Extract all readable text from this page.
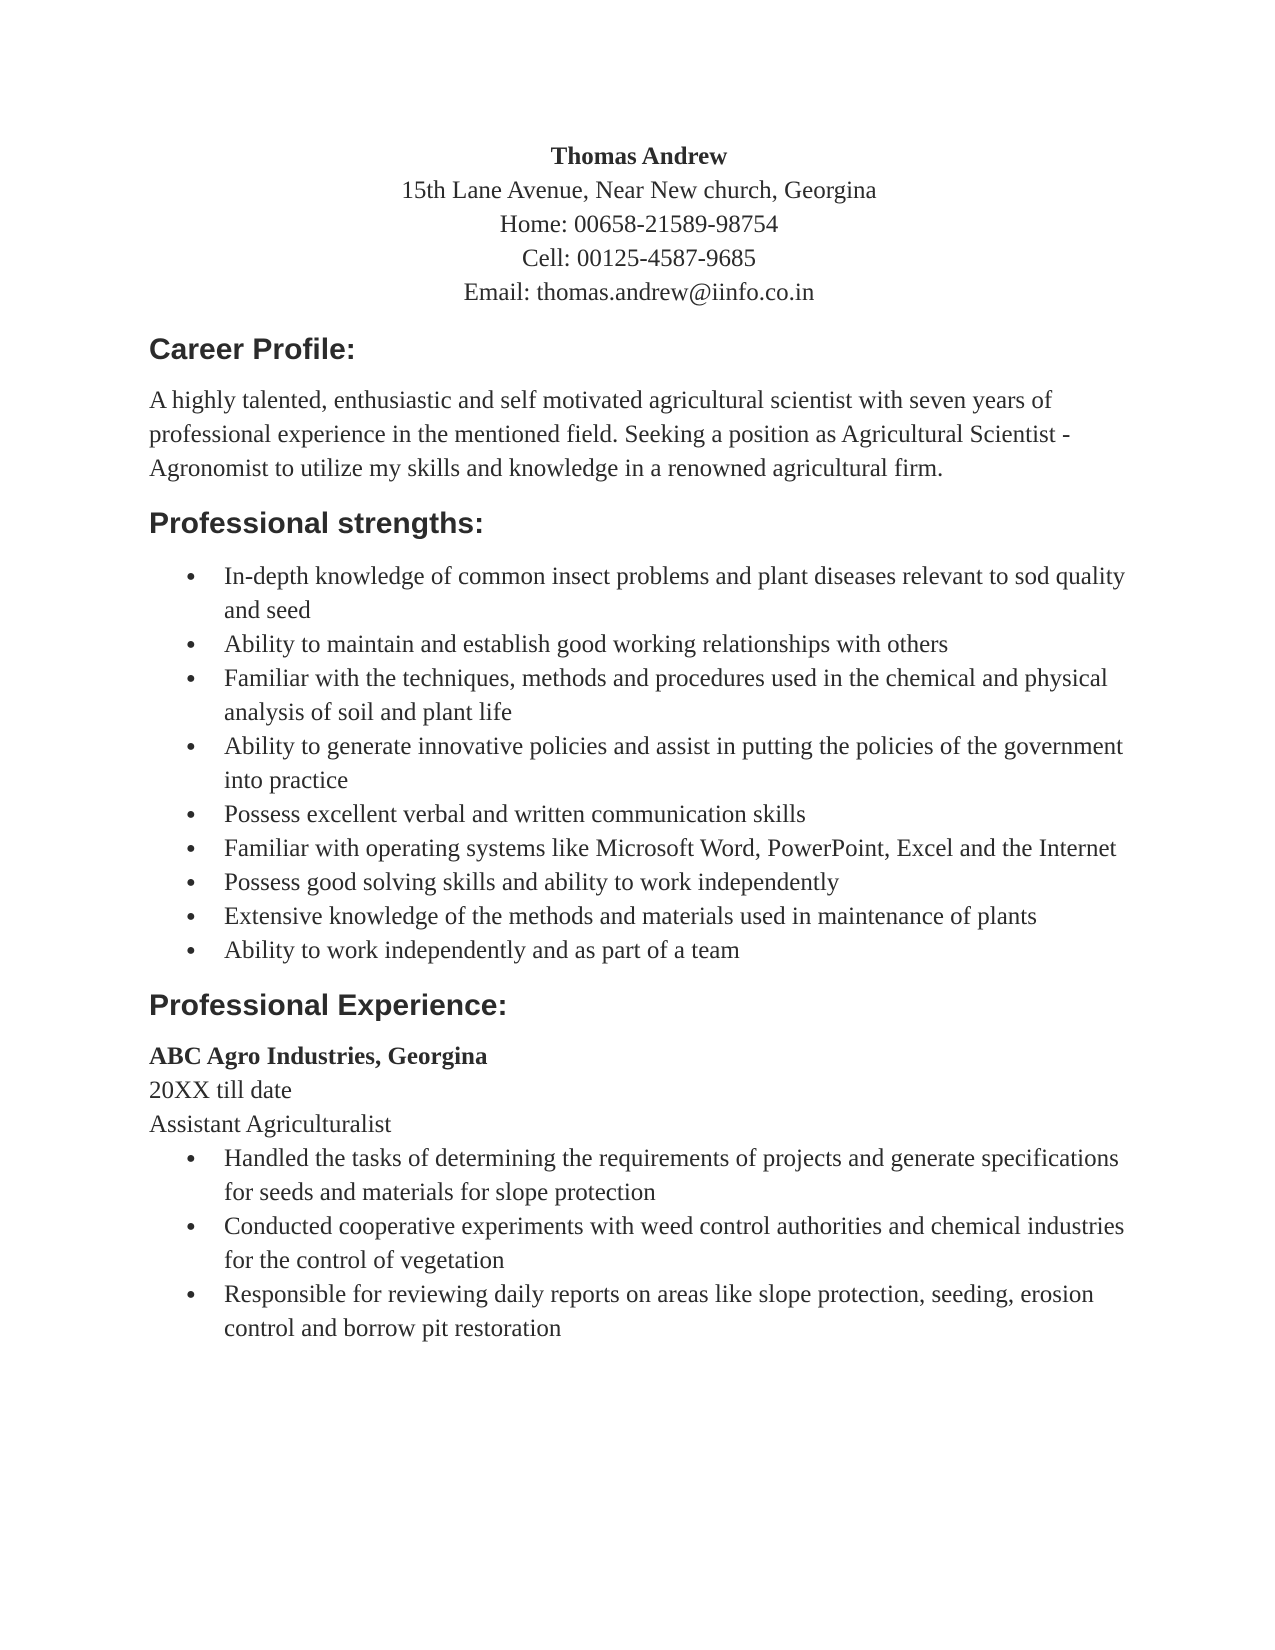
Thomas Andrew
15th Lane Avenue, Near New church, Georgina
Home: 00658-21589-98754
Cell: 00125-4587-9685
Email: thomas.andrew@iinfo.co.in
Career Profile:

A highly talented, enthusiastic and self motivated agricultural scientist with seven years of professional experience in the mentioned field. Seeking a position as Agricultural Scientist -Agronomist to utilize my skills and knowledge in a renowned agricultural firm.

Professional strengths:
● In-depth knowledge of common insect problems and plant diseases relevant to sod quality and seed
● Ability to maintain and establish good working relationships with others
● Familiar with the techniques, methods and procedures used in the chemical and physical analysis of soil and plant life
● Ability to generate innovative policies and assist in putting the policies of the government into practice
● Possess excellent verbal and written communication skills
● Familiar with operating systems like Microsoft Word, PowerPoint, Excel and the Internet
● Possess good solving skills and ability to work independently
● Extensive knowledge of the methods and materials used in maintenance of plants
● Ability to work independently and as part of a team
Professional Experience:
ABC Agro Industries, Georgina
20XX till date
Assistant Agriculturalist
● Handled the tasks of determining the requirements of projects and generate specifications for seeds and materials for slope protection
● Conducted cooperative experiments with weed control authorities and chemical industries for the control of vegetation
● Responsible for reviewing daily reports on areas like slope protection, seeding, erosion control and borrow pit restoration
